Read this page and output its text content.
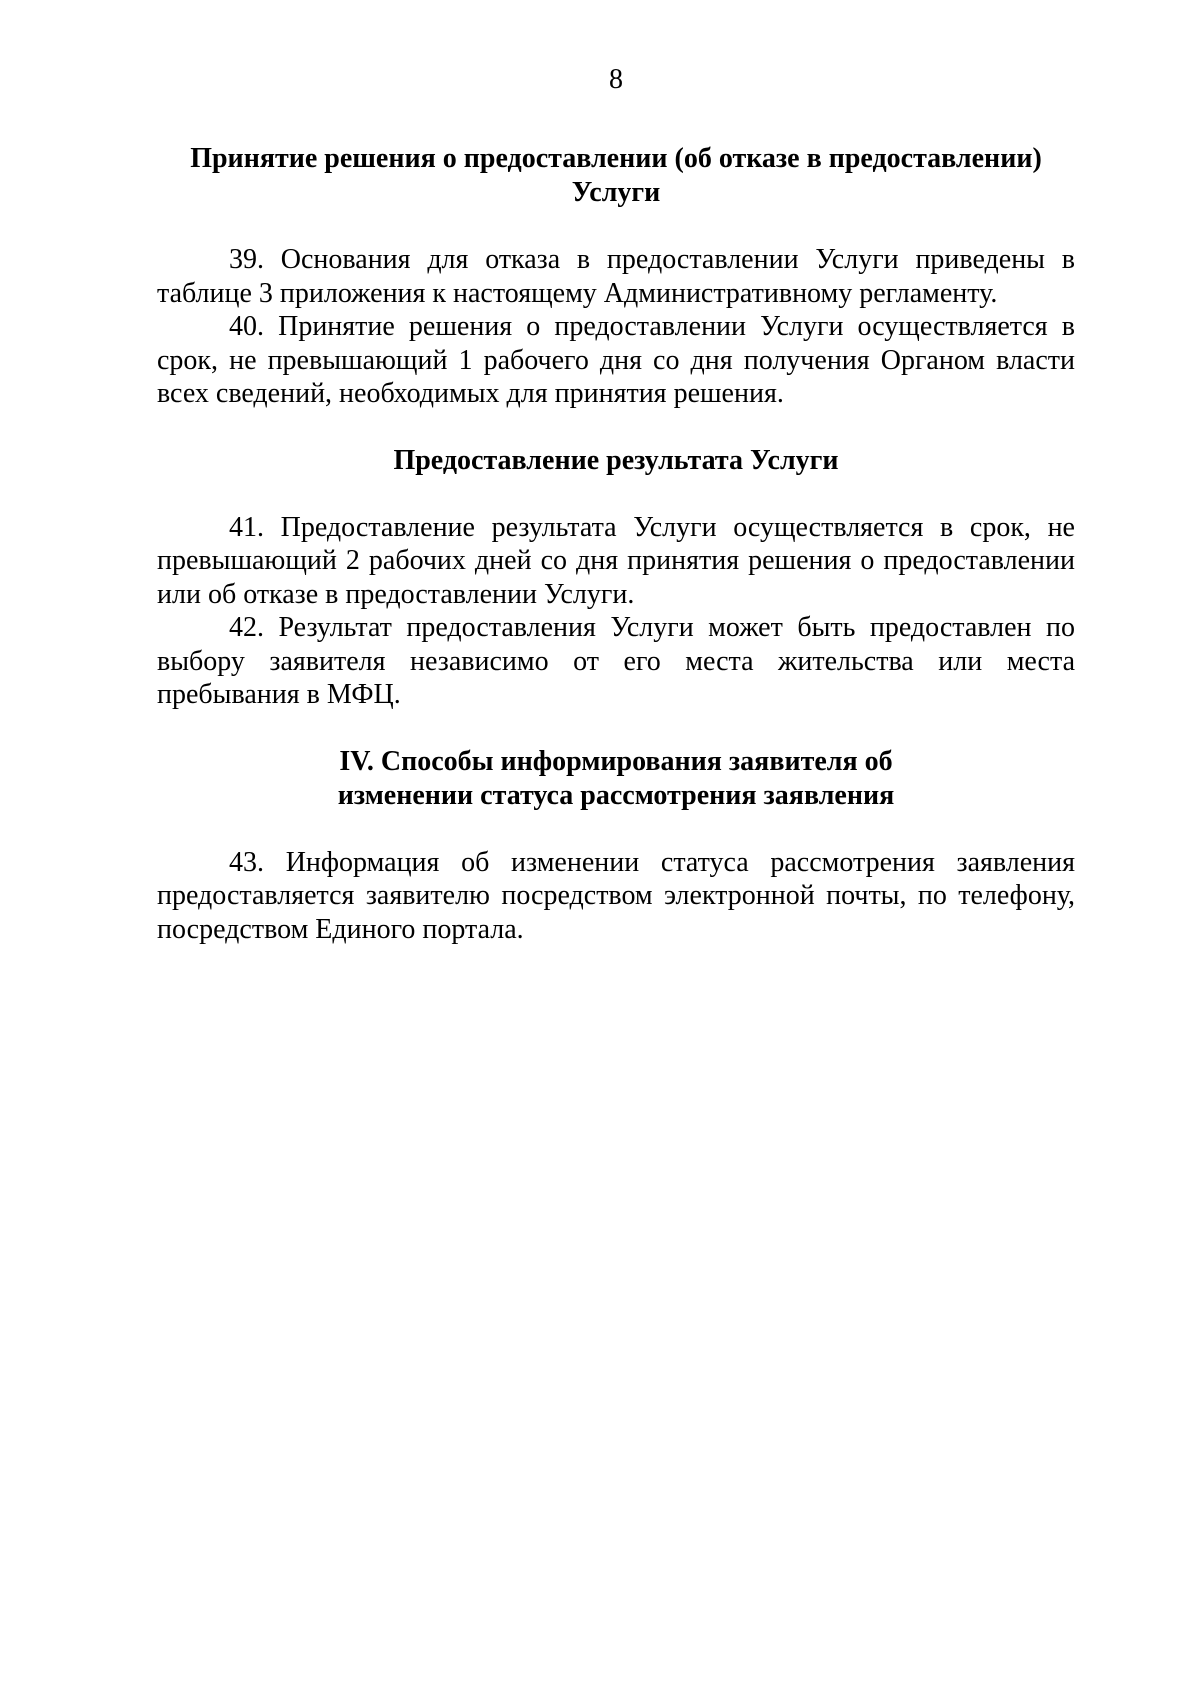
8
Принятие решения о предоставлении (об отказе в предоставлении) Услуги

39. Основания для отказа в предоставлении Услуги приведены в таблице 3 приложения к настоящему Административному регламенту.

40. Принятие решения о предоставлении Услуги осуществляется в срок, не превышающий 1 рабочего дня со дня получения Органом власти всех сведений, необходимых для принятия решения.

Предоставление результата Услуги

41. Предоставление результата Услуги осуществляется в срок, не превышающий 2 рабочих дней со дня принятия решения о предоставлении или об отказе в предоставлении Услуги.

42. Результат предоставления Услуги может быть предоставлен по выбору заявителя независимо от его места жительства или места пребывания в МФЦ.

IV. Способы информирования заявителя об изменении статуса рассмотрения заявления

43. Информация об изменении статуса рассмотрения заявления предоставляется заявителю посредством электронной почты, по телефону, посредством Единого портала.
